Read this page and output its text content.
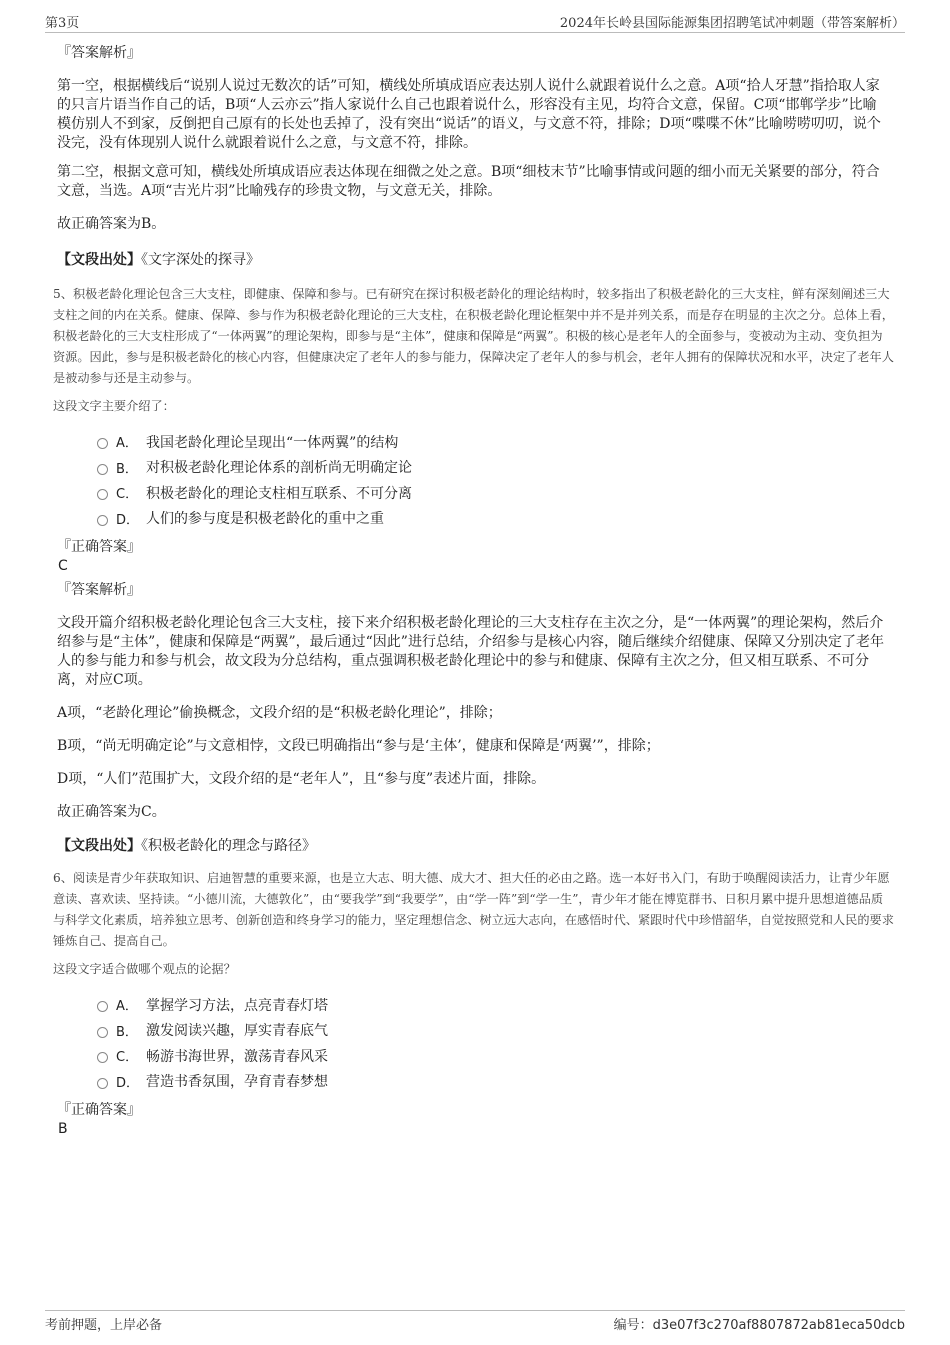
第3页	2024年长岭县国际能源集团招聘笔试冲刺题（带答案解析）

『答案解析』

第一空，根据横线后“说别人说过无数次的话”可知，横线处所填成语应表达别人说什么就跟着说什么之意。A项“拾人牙慧”指拾取人家的只言片语当作自己的话，B项“人云亦云”指人家说什么自己也跟着说什么，形容没有主见，均符合文意，保留。C项“邯郸学步”比喻模仿别人不到家，反倒把自己原有的长处也丢掉了，没有突出“说话”的语义，与文意不符，排除；D项“喋喋不休”比喻唠唠叨叨，说个没完，没有体现别人说什么就跟着说什么之意，与文意不符，排除。

第二空，根据文意可知，横线处所填成语应表达体现在细微之处之意。B项“细枝末节”比喻事情或问题的细小而无关紧要的部分，符合文意，当选。A项“吉光片羽”比喻残存的珍贵文物，与文意无关，排除。

故正确答案为B。

【文段出处】《文字深处的探寻》

5、积极老龄化理论包含三大支柱，即健康、保障和参与。已有研究在探讨积极老龄化的理论结构时，较多指出了积极老龄化的三大支柱，鲜有深刻阐述三大支柱之间的内在关系。健康、保障、参与作为积极老龄化理论的三大支柱，在积极老龄化理论框架中并不是并列关系，而是存在明显的主次之分。总体上看，积极老龄化的三大支柱形成了“一体两翼”的理论架构，即参与是“主体”，健康和保障是“两翼”。积极的核心是老年人的全面参与，变被动为主动、变负担为资源。因此，参与是积极老龄化的核心内容，但健康决定了老年人的参与能力，保障决定了老年人的参与机会，老年人拥有的保障状况和水平，决定了老年人是被动参与还是主动参与。

这段文字主要介绍了：

A． 我国老龄化理论呈现出“一体两翼”的结构
B． 对积极老龄化理论体系的剖析尚无明确定论
C． 积极老龄化的理论支柱相互联系、不可分离
D． 人们的参与度是积极老龄化的重中之重

『正确答案』

C

『答案解析』

文段开篇介绍积极老龄化理论包含三大支柱，接下来介绍积极老龄化理论的三大支柱存在主次之分，是“一体两翼”的理论架构，然后介绍参与是“主体”，健康和保障是“两翼”，最后通过“因此”进行总结，介绍参与是核心内容，随后继续介绍健康、保障又分别决定了老年人的参与能力和参与机会，故文段为分总结构，重点强调积极老龄化理论中的参与和健康、保障有主次之分，但又相互联系、不可分离，对应C项。

A项，“老龄化理论”偷换概念，文段介绍的是“积极老龄化理论”，排除；

B项，“尚无明确定论”与文意相悖，文段已明确指出“参与是‘主体’，健康和保障是‘两翼’”，排除；

D项，“人们”范围扩大，文段介绍的是“老年人”，且“参与度”表述片面，排除。

故正确答案为C。

【文段出处】《积极老龄化的理念与路径》

6、阅读是青少年获取知识、启迪智慧的重要来源，也是立大志、明大德、成大才、担大任的必由之路。选一本好书入门，有助于唤醒阅读活力，让青少年愿意读、喜欢读、坚持读。“小德川流，大德敦化”，由“要我学”到“我要学”，由“学一阵”到“学一生”，青少年才能在博览群书、日积月累中提升思想道德品质与科学文化素质，培养独立思考、创新创造和终身学习的能力，坚定理想信念、树立远大志向，在感悟时代、紧跟时代中珍惜韶华，自觉按照党和人民的要求锤炼自己、提高自己。

这段文字适合做哪个观点的论据？

A． 掌握学习方法，点亮青春灯塔
B． 激发阅读兴趣，厚实青春底气
C． 畅游书海世界，激荡青春风采
D． 营造书香氛围，孕育青春梦想

『正确答案』

B

考前押题，上岸必备	编号：d3e07f3c270af8807872ab81eca50dcb
